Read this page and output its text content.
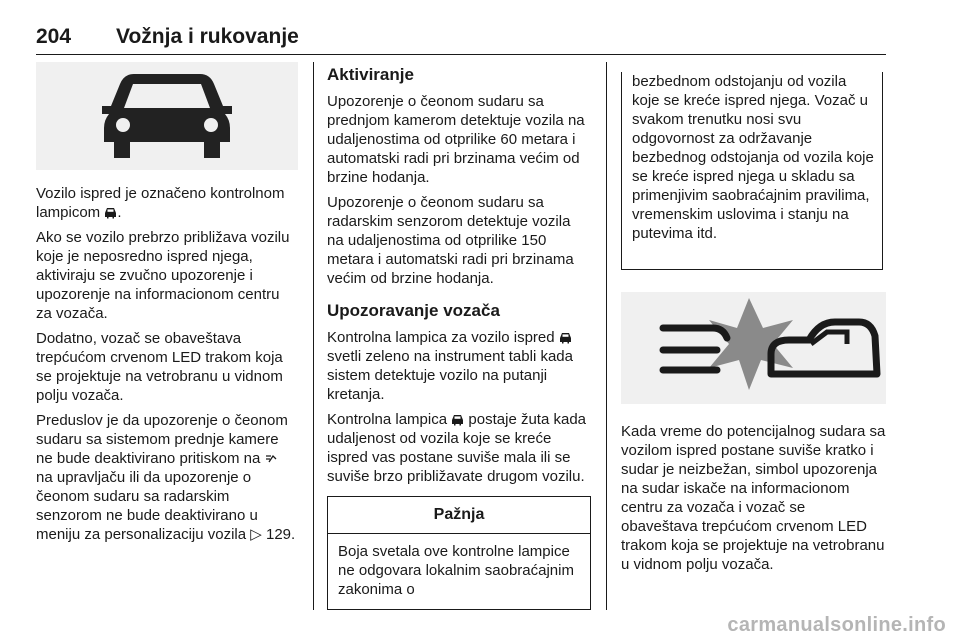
204 Vožnja i rukovanje

Vozilo ispred je označeno kontrolnom lampicom .

Ako se vozilo prebrzo približava vozilu koje je neposredno ispred njega, aktiviraju se zvučno upozorenje i upozorenje na informacionom centru za vozača.

Dodatno, vozač se obaveštava trepćućom crvenom LED trakom koja se projektuje na vetrobranu u vidnom polju vozača.

Preduslov je da upozorenje o čeonom sudaru sa sistemom prednje kamere ne bude deaktivirano pritiskom na  na upravljaču ili da upozorenje o čeonom sudaru sa radarskim senzorom ne bude deaktivirano u meniju za personalizaciju vozila ▷ 129.

Aktiviranje

Upozorenje o čeonom sudaru sa prednjom kamerom detektuje vozila na udaljenostima od otprilike 60 metara i automatski radi pri brzinama većim od brzine hodanja.

Upozorenje o čeonom sudaru sa radarskim senzorom detektuje vozila na udaljenostima od otprilike 150 metara i automatski radi pri brzinama većim od brzine hodanja.

Upozoravanje vozača

Kontrolna lampica za vozilo ispred  svetli zeleno na instrument tabli kada sistem detektuje vozilo na putanji kretanja.

Kontrolna lampica postaje žuta kada udaljenost od vozila koje se kreće ispred vas postane suviše mala ili se suviše brzo približavate drugom vozilu.

Pažnja
Boja svetala ove kontrolne lampice ne odgovara lokalnim saobraćajnim zakonima o

bezbednom odstojanju od vozila koje se kreće ispred njega. Vozač u svakom trenutku nosi svu odgovornost za održavanje bezbednog odstojanja od vozila koje se kreće ispred njega u skladu sa primenjivim saobraćajnim pravilima, vremenskim uslovima i stanju na putevima itd.

Kada vreme do potencijalnog sudara sa vozilom ispred postane suviše kratko i sudar je neizbežan, simbol upozorenja na sudar iskače na informacionom centru za vozača i vozač se obaveštava trepćućom crvenom LED trakom koja se projektuje na vetrobranu u vidnom polju vozača.

carmanualsonline.info
